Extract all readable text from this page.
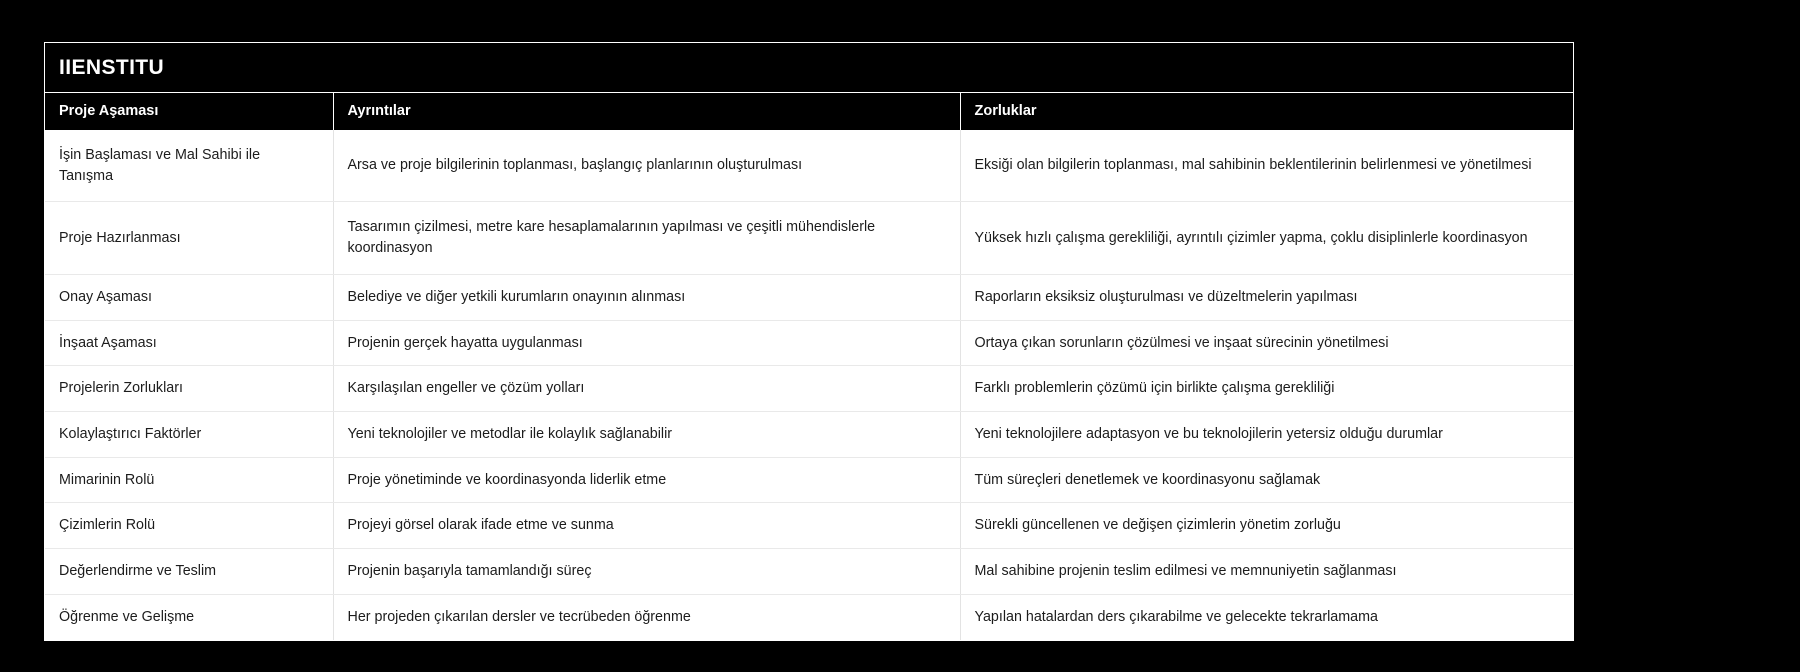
IIENSTITU
Proje Aşaması	Ayrıntılar	Zorluklar
İşin Başlaması ve Mal Sahibi ile Tanışma	Arsa ve proje bilgilerinin toplanması, başlangıç planlarının oluşturulması	Eksiği olan bilgilerin toplanması, mal sahibinin beklentilerinin belirlenmesi ve yönetilmesi
Proje Hazırlanması	Tasarımın çizilmesi, metre kare hesaplamalarının yapılması ve çeşitli mühendislerle koordinasyon	Yüksek hızlı çalışma gerekliliği, ayrıntılı çizimler yapma, çoklu disiplinlerle koordinasyon
Onay Aşaması	Belediye ve diğer yetkili kurumların onayının alınması	Raporların eksiksiz oluşturulması ve düzeltmelerin yapılması
İnşaat Aşaması	Projenin gerçek hayatta uygulanması	Ortaya çıkan sorunların çözülmesi ve inşaat sürecinin yönetilmesi
Projelerin Zorlukları	Karşılaşılan engeller ve çözüm yolları	Farklı problemlerin çözümü için birlikte çalışma gerekliliği
Kolaylaştırıcı Faktörler	Yeni teknolojiler ve metodlar ile kolaylık sağlanabilir	Yeni teknolojilere adaptasyon ve bu teknolojilerin yetersiz olduğu durumlar
Mimarinin Rolü	Proje yönetiminde ve koordinasyonda liderlik etme	Tüm süreçleri denetlemek ve koordinasyonu sağlamak
Çizimlerin Rolü	Projeyi görsel olarak ifade etme ve sunma	Sürekli güncellenen ve değişen çizimlerin yönetim zorluğu
Değerlendirme ve Teslim	Projenin başarıyla tamamlandığı süreç	Mal sahibine projenin teslim edilmesi ve memnuniyetin sağlanması
Öğrenme ve Gelişme	Her projeden çıkarılan dersler ve tecrübeden öğrenme	Yapılan hatalardan ders çıkarabilme ve gelecekte tekrarlamama
